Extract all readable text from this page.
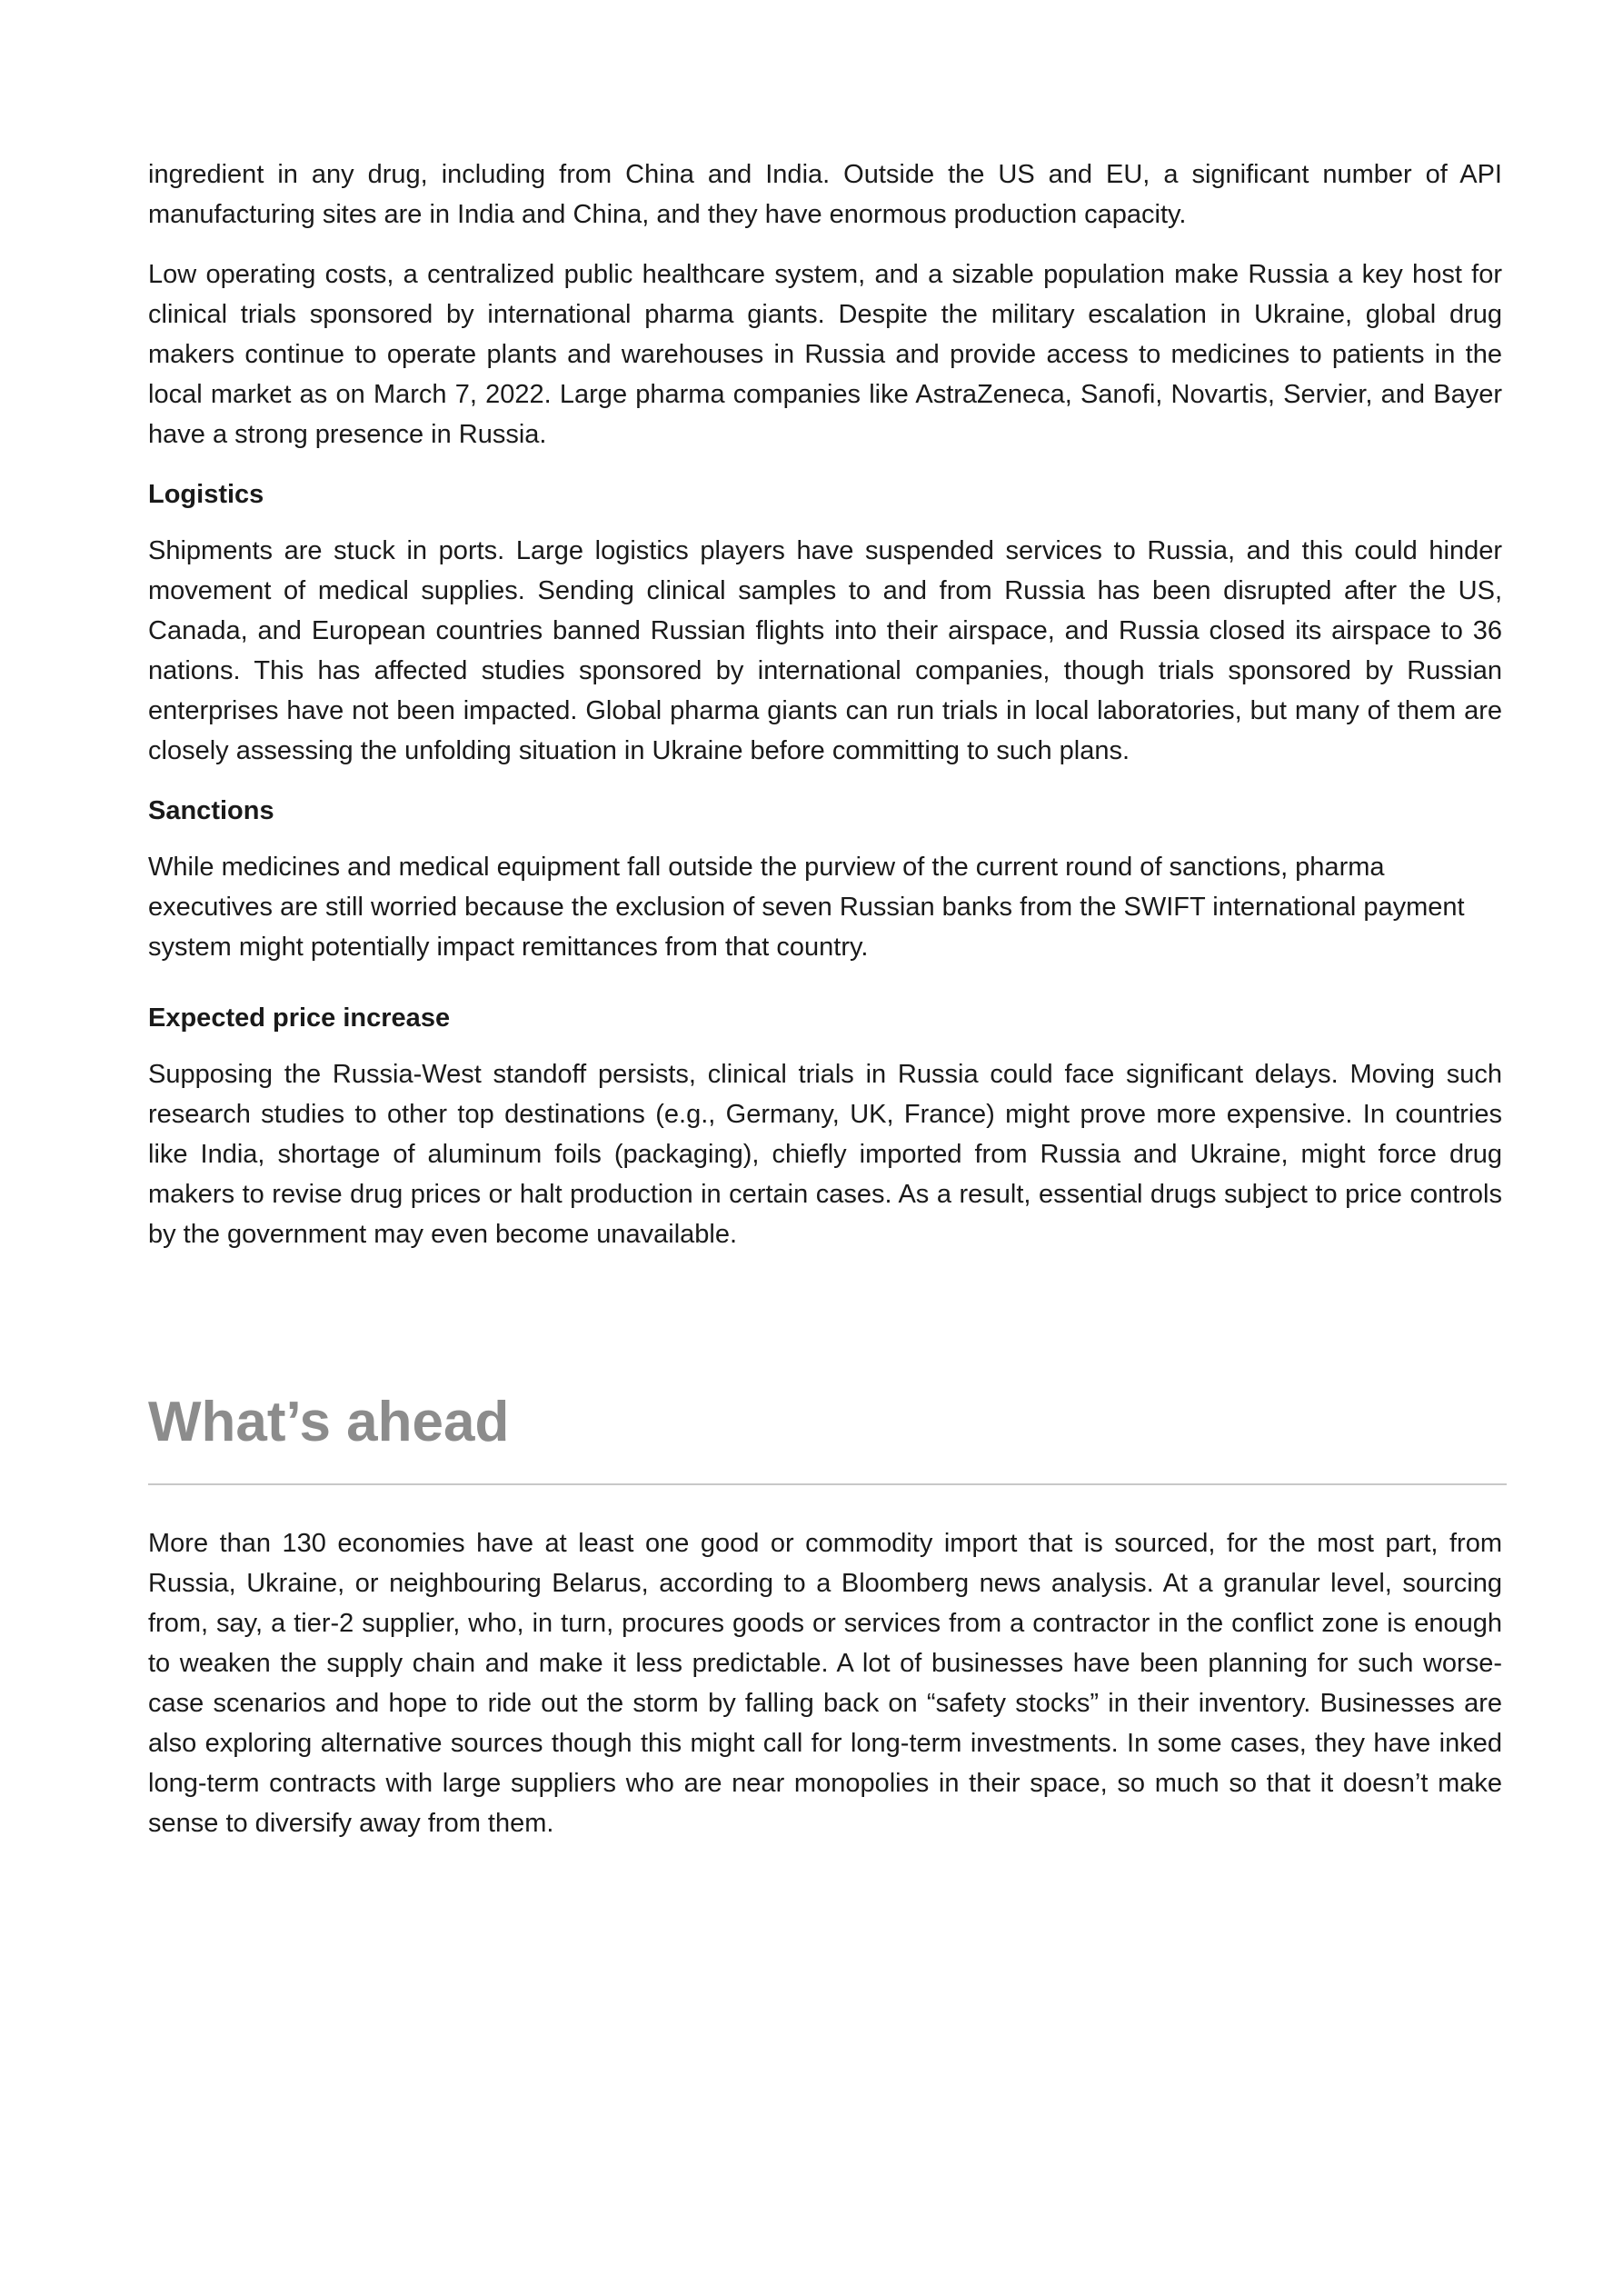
ingredient in any drug, including from China and India. Outside the US and EU, a significant number of API manufacturing sites are in India and China, and they have enormous production capacity.

Low operating costs, a centralized public healthcare system, and a sizable population make Russia a key host for clinical trials sponsored by international pharma giants. Despite the military escalation in Ukraine, global drug makers continue to operate plants and warehouses in Russia and provide access to medicines to patients in the local market as on March 7, 2022. Large pharma companies like AstraZeneca, Sanofi, Novartis, Servier, and Bayer have a strong presence in Russia.

Logistics

Shipments are stuck in ports. Large logistics players have suspended services to Russia, and this could hinder movement of medical supplies. Sending clinical samples to and from Russia has been disrupted after the US, Canada, and European countries banned Russian flights into their airspace, and Russia closed its airspace to 36 nations. This has affected studies sponsored by international companies, though trials sponsored by Russian enterprises have not been impacted. Global pharma giants can run trials in local laboratories, but many of them are closely assessing the unfolding situation in Ukraine before committing to such plans.

Sanctions

While medicines and medical equipment fall outside the purview of the current round of sanctions, pharma executives are still worried because the exclusion of seven Russian banks from the SWIFT international payment system might potentially impact remittances from that country.

Expected price increase

Supposing the Russia-West standoff persists, clinical trials in Russia could face significant delays. Moving such research studies to other top destinations (e.g., Germany, UK, France) might prove more expensive. In countries like India, shortage of aluminum foils (packaging), chiefly imported from Russia and Ukraine, might force drug makers to revise drug prices or halt production in certain cases. As a result, essential drugs subject to price controls by the government may even become unavailable.

What’s ahead

More than 130 economies have at least one good or commodity import that is sourced, for the most part, from Russia, Ukraine, or neighbouring Belarus, according to a Bloomberg news analysis. At a granular level, sourcing from, say, a tier-2 supplier, who, in turn, procures goods or services from a contractor in the conflict zone is enough to weaken the supply chain and make it less predictable. A lot of businesses have been planning for such worse-case scenarios and hope to ride out the storm by falling back on “safety stocks” in their inventory. Businesses are also exploring alternative sources though this might call for long-term investments. In some cases, they have inked long-term contracts with large suppliers who are near monopolies in their space, so much so that it doesn’t make sense to diversify away from them.
